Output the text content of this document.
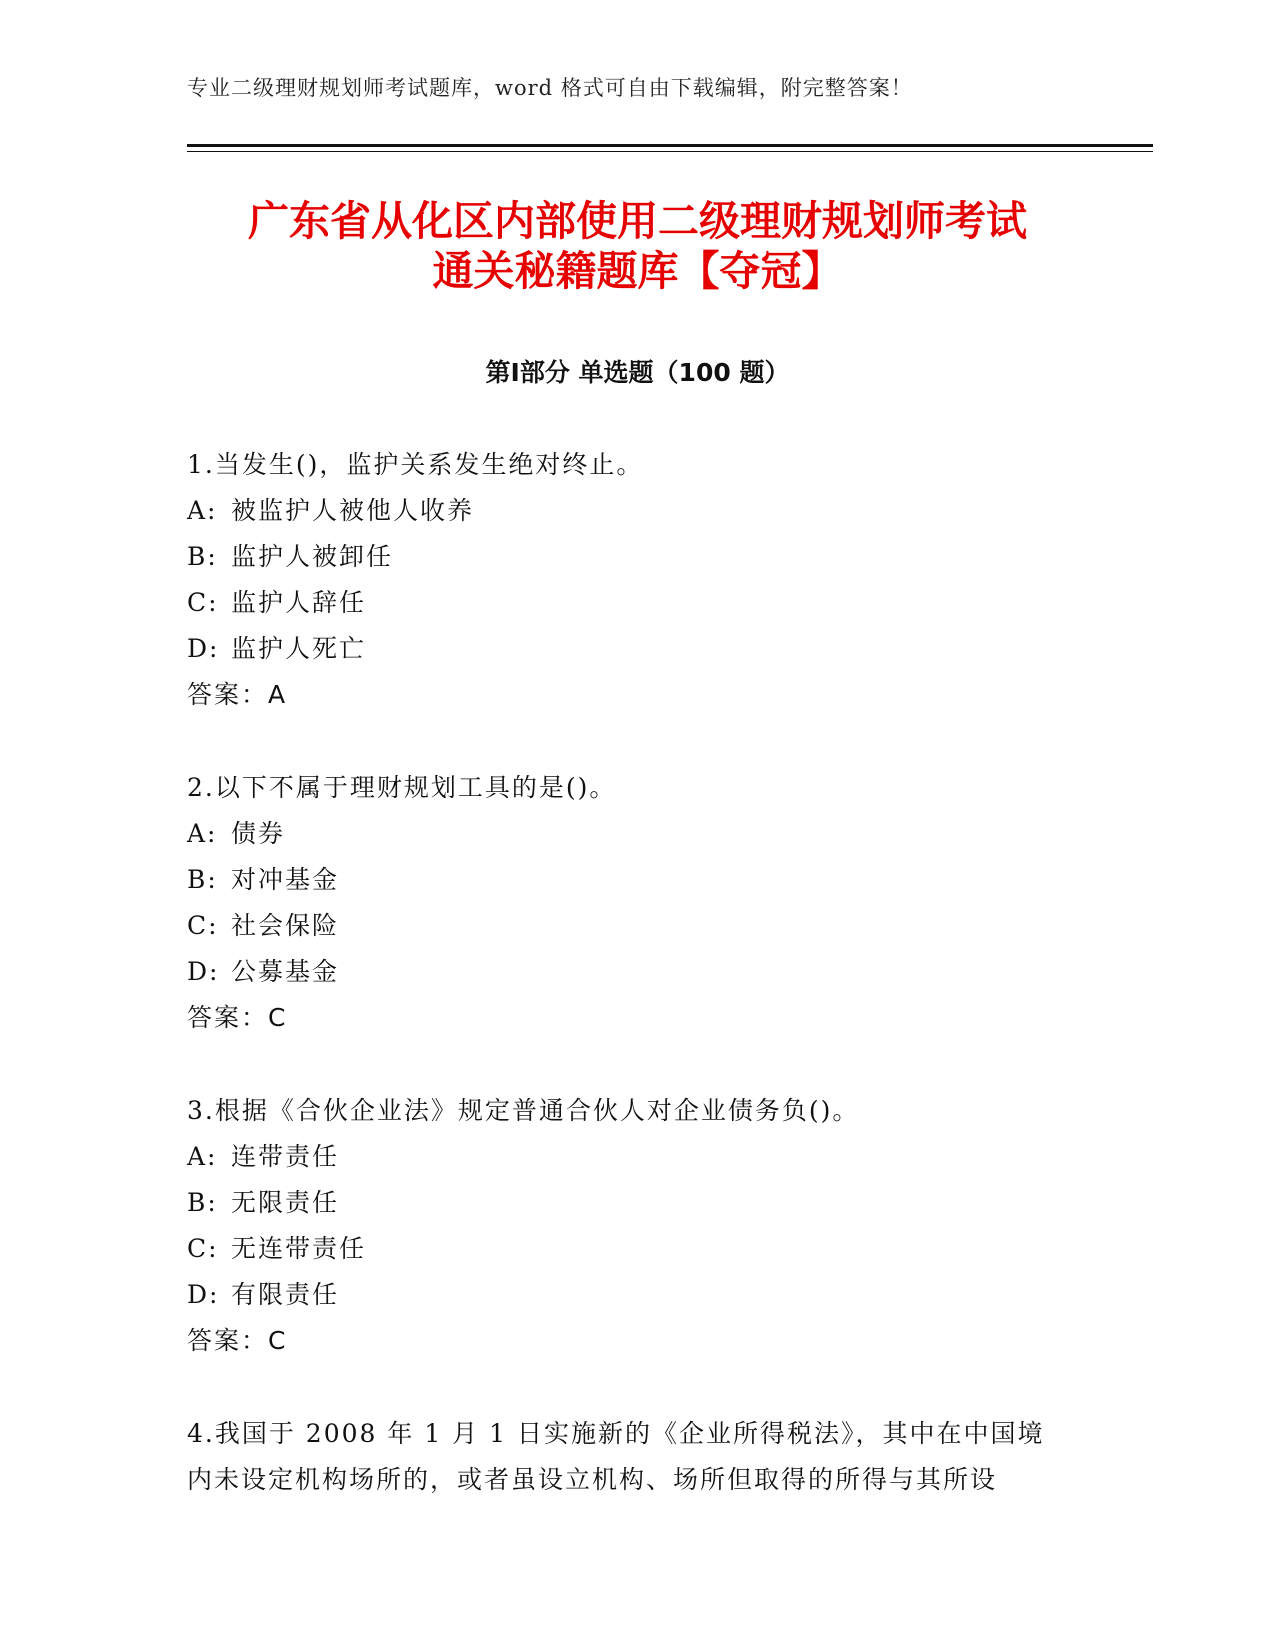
专业二级理财规划师考试题库，word 格式可自由下载编辑，附完整答案！
广东省从化区内部使用二级理财规划师考试
通关秘籍题库【夺冠】
第Ⅰ部分 单选题（100 题）
1.当发生()，监护关系发生绝对终止。
A: 被监护人被他人收养
B: 监护人被卸任
C: 监护人辞任
D: 监护人死亡
答案：A
2.以下不属于理财规划工具的是()。
A: 债券
B: 对冲基金
C: 社会保险
D: 公募基金
答案：C
3.根据《合伙企业法》规定普通合伙人对企业债务负()。
A: 连带责任
B: 无限责任
C: 无连带责任
D: 有限责任
答案：C
4.我国于 2008 年 1 月 1 日实施新的《企业所得税法》，其中在中国境内未设定机构场所的，或者虽设立机构、场所但取得的所得与其所设
